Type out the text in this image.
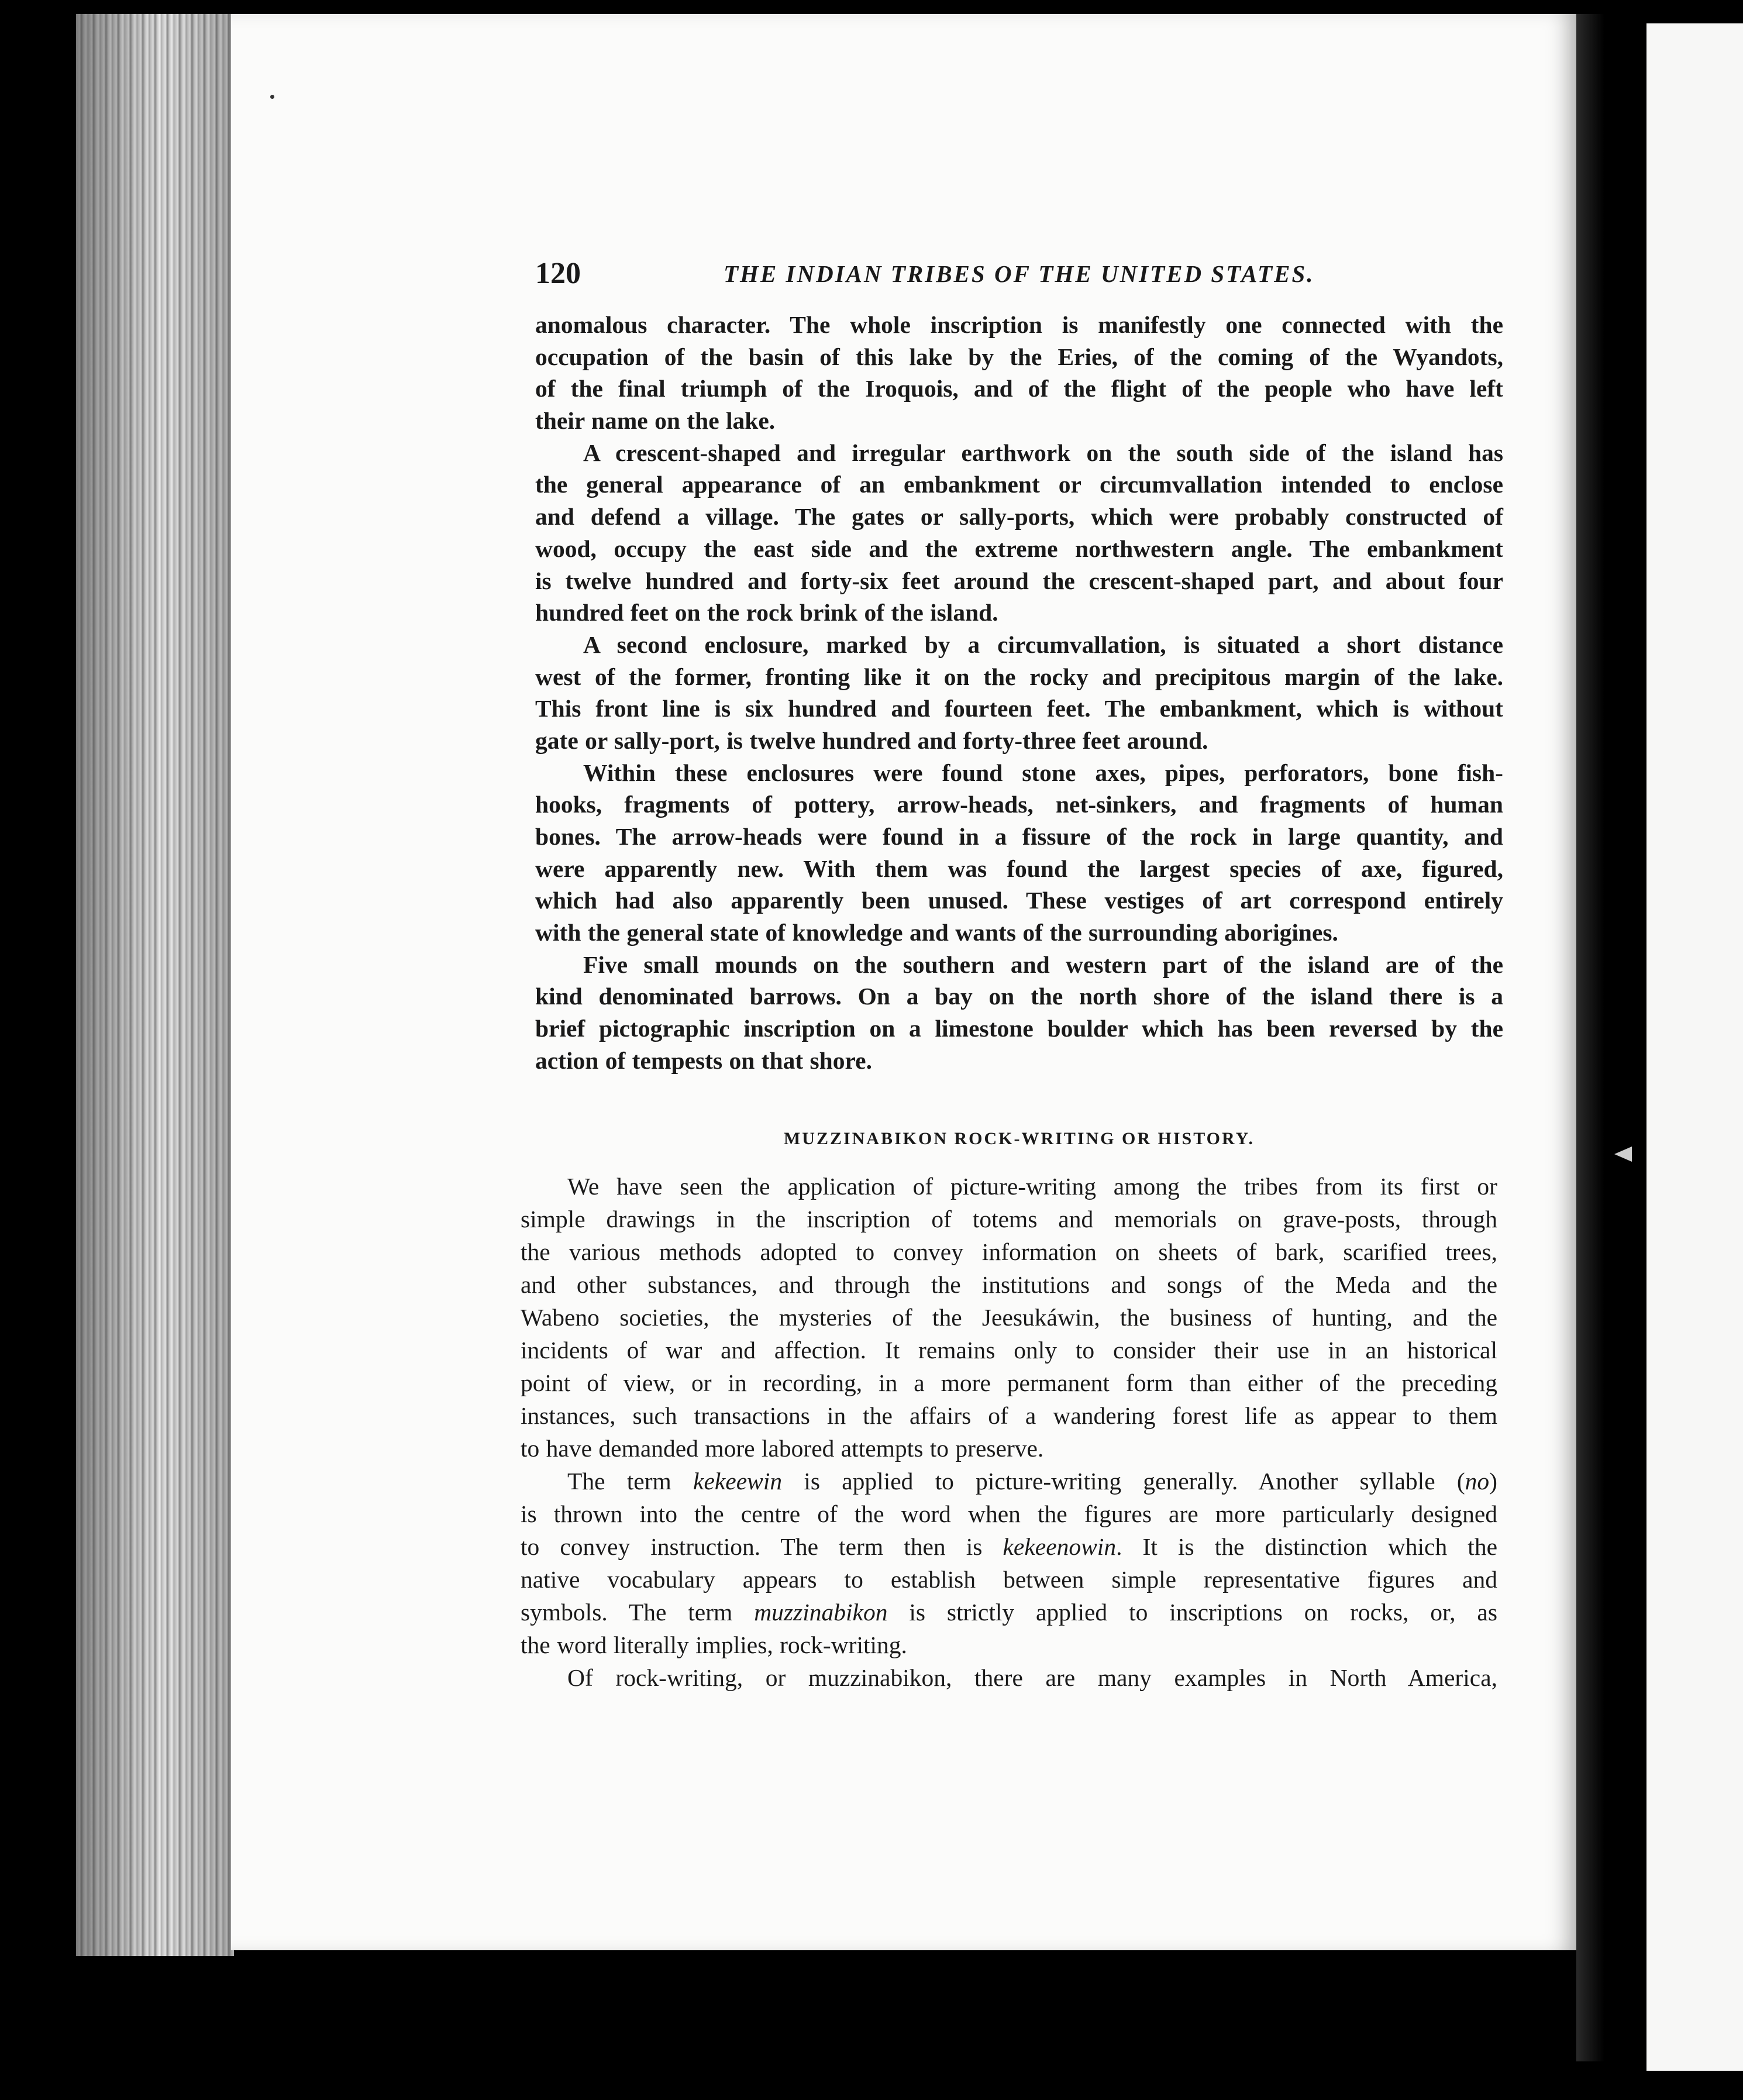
120	THE INDIAN TRIBES OF THE UNITED STATES.
anomalous character. The whole inscription is manifestly one connected with the
occupation of the basin of this lake by the Eries, of the coming of the Wyandots,
of the final triumph of the Iroquois, and of the flight of the people who have left
their name on the lake.
A crescent-shaped and irregular earthwork on the south side of the island has
the general appearance of an embankment or circumvallation intended to enclose
and defend a village. The gates or sally-ports, which were probably constructed of
wood, occupy the east side and the extreme northwestern angle. The embankment
is twelve hundred and forty-six feet around the crescent-shaped part, and about four
hundred feet on the rock brink of the island.
A second enclosure, marked by a circumvallation, is situated a short distance
west of the former, fronting like it on the rocky and precipitous margin of the lake.
This front line is six hundred and fourteen feet. The embankment, which is without
gate or sally-port, is twelve hundred and forty-three feet around.
Within these enclosures were found stone axes, pipes, perforators, bone fish-
hooks, fragments of pottery, arrow-heads, net-sinkers, and fragments of human
bones. The arrow-heads were found in a fissure of the rock in large quantity, and
were apparently new. With them was found the largest species of axe, figured,
which had also apparently been unused. These vestiges of art correspond entirely
with the general state of knowledge and wants of the surrounding aborigines.
Five small mounds on the southern and western part of the island are of the
kind denominated barrows. On a bay on the north shore of the island there is a
brief pictographic inscription on a limestone boulder which has been reversed by the
action of tempests on that shore.
MUZZINABIKON ROCK-WRITING OR HISTORY.
We have seen the application of picture-writing among the tribes from its first or
simple drawings in the inscription of totems and memorials on grave-posts, through
the various methods adopted to convey information on sheets of bark, scarified trees,
and other substances, and through the institutions and songs of the Meda and the
Wabeno societies, the mysteries of the Jeesukáwin, the business of hunting, and the
incidents of war and affection. It remains only to consider their use in an historical
point of view, or in recording, in a more permanent form than either of the preceding
instances, such transactions in the affairs of a wandering forest life as appear to them
to have demanded more labored attempts to preserve.
The term kekeewin is applied to picture-writing generally. Another syllable (no)
is thrown into the centre of the word when the figures are more particularly designed
to convey instruction. The term then is kekeenowin. It is the distinction which the
native vocabulary appears to establish between simple representative figures and
symbols. The term muzzinabikon is strictly applied to inscriptions on rocks, or, as
the word literally implies, rock-writing.
Of rock-writing, or muzzinabikon, there are many examples in North America,
